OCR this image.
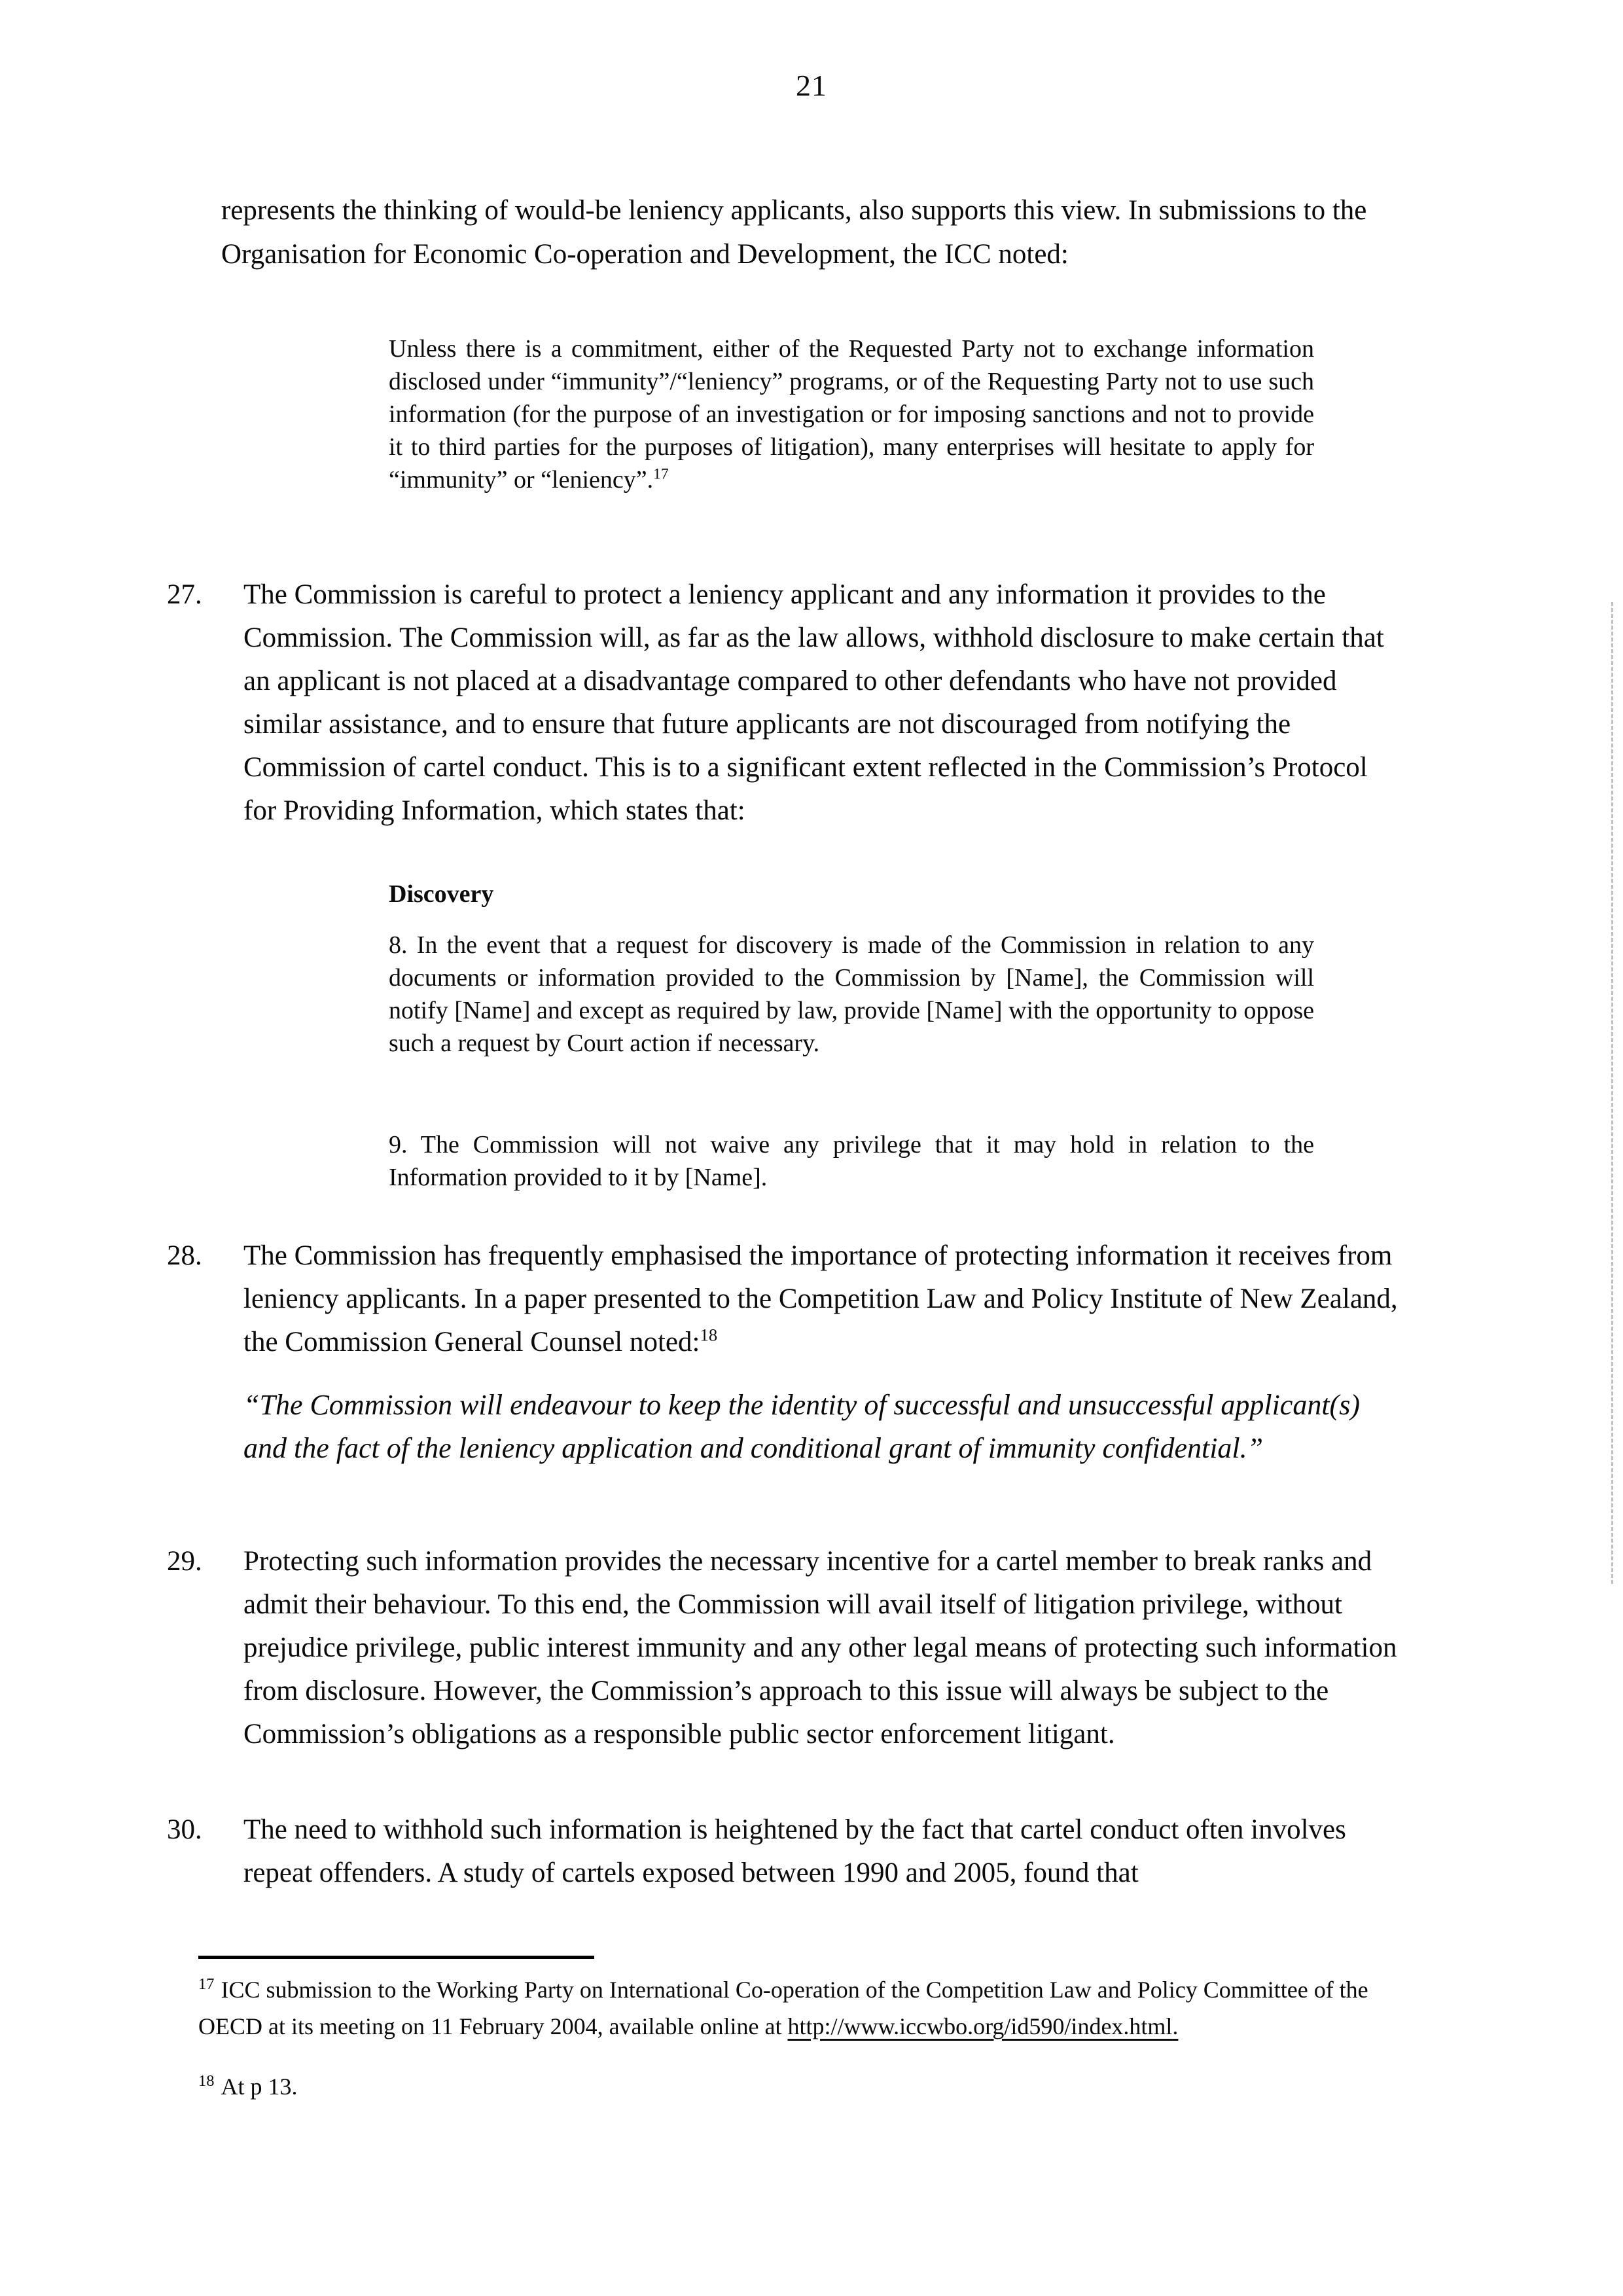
21

represents the thinking of would-be leniency applicants, also supports this view. In submissions to the Organisation for Economic Co-operation and Development, the ICC noted:

Unless there is a commitment, either of the Requested Party not to exchange information disclosed under “immunity”/“leniency” programs, or of the Requesting Party not to use such information (for the purpose of an investigation or for imposing sanctions and not to provide it to third parties for the purposes of litigation), many enterprises will hesitate to apply for “immunity” or “leniency”.$^{17}$
27. The Commission is careful to protect a leniency applicant and any information it provides to the Commission. The Commission will, as far as the law allows, withhold disclosure to make certain that an applicant is not placed at a disadvantage compared to other defendants who have not provided similar assistance, and to ensure that future applicants are not discouraged from notifying the Commission of cartel conduct. This is to a significant extent reflected in the Commission’s Protocol for Providing Information, which states that:
Discovery
8. In the event that a request for discovery is made of the Commission in relation to any documents or information provided to the Commission by [Name], the Commission will notify [Name] and except as required by law, provide [Name] with the opportunity to oppose such a request by Court action if necessary.
9. The Commission will not waive any privilege that it may hold in relation to the Information provided to it by [Name].
28. The Commission has frequently emphasised the importance of protecting information it receives from leniency applicants. In a paper presented to the Competition Law and Policy Institute of New Zealand, the Commission General Counsel noted:$^{18}$
“The Commission will endeavour to keep the identity of successful and unsuccessful applicant(s) and the fact of the leniency application and conditional grant of immunity confidential.”
29. Protecting such information provides the necessary incentive for a cartel member to break ranks and admit their behaviour. To this end, the Commission will avail itself of litigation privilege, without prejudice privilege, public interest immunity and any other legal means of protecting such information from disclosure. However, the Commission’s approach to this issue will always be subject to the Commission’s obligations as a responsible public sector enforcement litigant.
30. The need to withhold such information is heightened by the fact that cartel conduct often involves repeat offenders. A study of cartels exposed between 1990 and 2005, found that

$^{17}$ ICC submission to the Working Party on International Co-operation of the Competition Law and Policy Committee of the OECD at its meeting on 11 February 2004, available online at http://www.iccwbo.org/id590/index.html.

$^{18}$ At p 13.
